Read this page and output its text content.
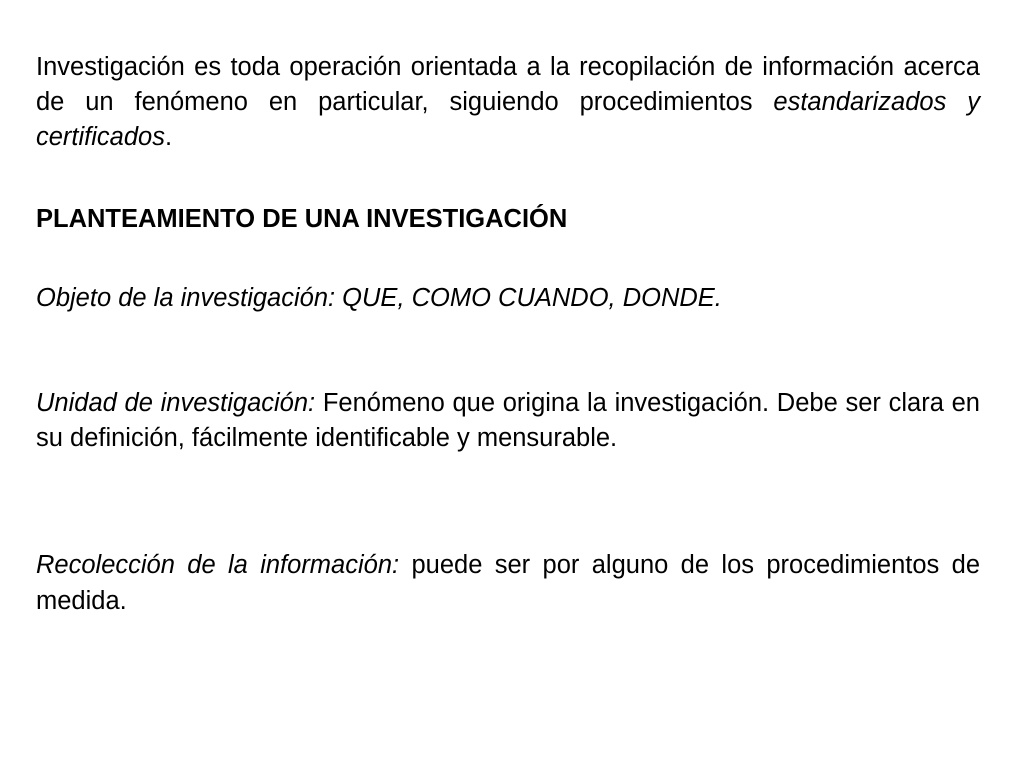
Investigación es toda operación orientada a la recopilación de información acerca de un fenómeno en particular, siguiendo procedimientos estandarizados y certificados.

PLANTEAMIENTO DE UNA INVESTIGACIÓN

Objeto de la investigación: QUE, COMO CUANDO, DONDE.

Unidad de investigación: Fenómeno que origina la investigación. Debe ser clara en su definición, fácilmente identificable y mensurable.

Recolección de la información: puede ser por alguno de los procedimientos de medida.
